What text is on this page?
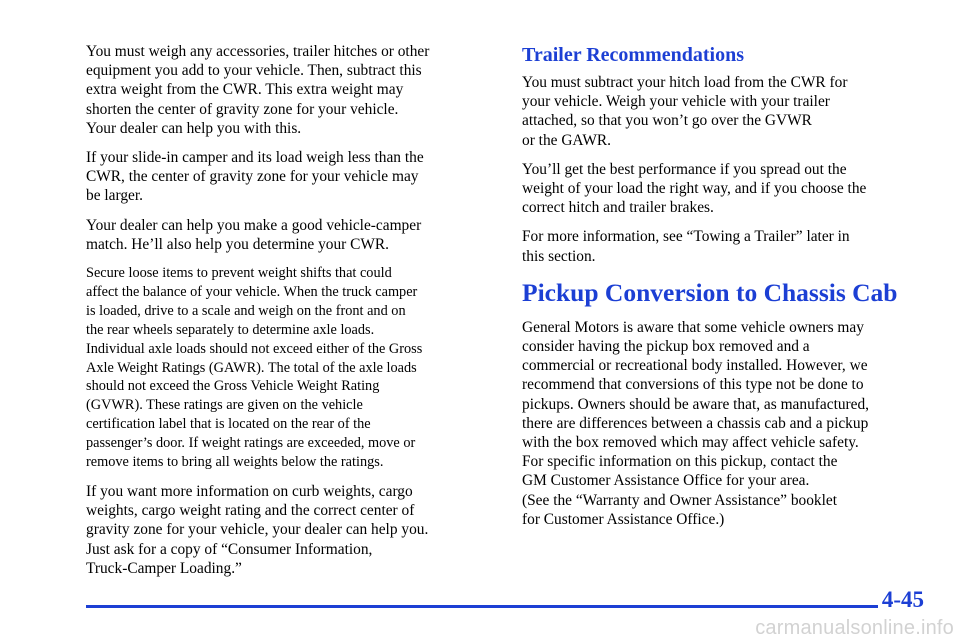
You must weigh any accessories, trailer hitches or other
equipment you add to your vehicle. Then, subtract this
extra weight from the CWR. This extra weight may
shorten the center of gravity zone for your vehicle.
Your dealer can help you with this.

If your slide-in camper and its load weigh less than the
CWR, the center of gravity zone for your vehicle may
be larger.

Your dealer can help you make a good vehicle-camper
match. He’ll also help you determine your CWR.

Secure loose items to prevent weight shifts that could
affect the balance of your vehicle. When the truck camper
is loaded, drive to a scale and weigh on the front and on
the rear wheels separately to determine axle loads.
Individual axle loads should not exceed either of the Gross
Axle Weight Ratings (GAWR). The total of the axle loads
should not exceed the Gross Vehicle Weight Rating
(GVWR). These ratings are given on the vehicle
certification label that is located on the rear of the
passenger’s door. If weight ratings are exceeded, move or
remove items to bring all weights below the ratings.

If you want more information on curb weights, cargo
weights, cargo weight rating and the correct center of
gravity zone for your vehicle, your dealer can help you.
Just ask for a copy of “Consumer Information,
Truck-Camper Loading.”

Trailer Recommendations

You must subtract your hitch load from the CWR for
your vehicle. Weigh your vehicle with your trailer
attached, so that you won’t go over the GVWR
or the GAWR.

You’ll get the best performance if you spread out the
weight of your load the right way, and if you choose the
correct hitch and trailer brakes.

For more information, see “Towing a Trailer” later in
this section.

Pickup Conversion to Chassis Cab

General Motors is aware that some vehicle owners may
consider having the pickup box removed and a
commercial or recreational body installed. However, we
recommend that conversions of this type not be done to
pickups. Owners should be aware that, as manufactured,
there are differences between a chassis cab and a pickup
with the box removed which may affect vehicle safety.
For specific information on this pickup, contact the
GM Customer Assistance Office for your area.
(See the “Warranty and Owner Assistance” booklet
for Customer Assistance Office.)

4-45
carmanualsonline.info
